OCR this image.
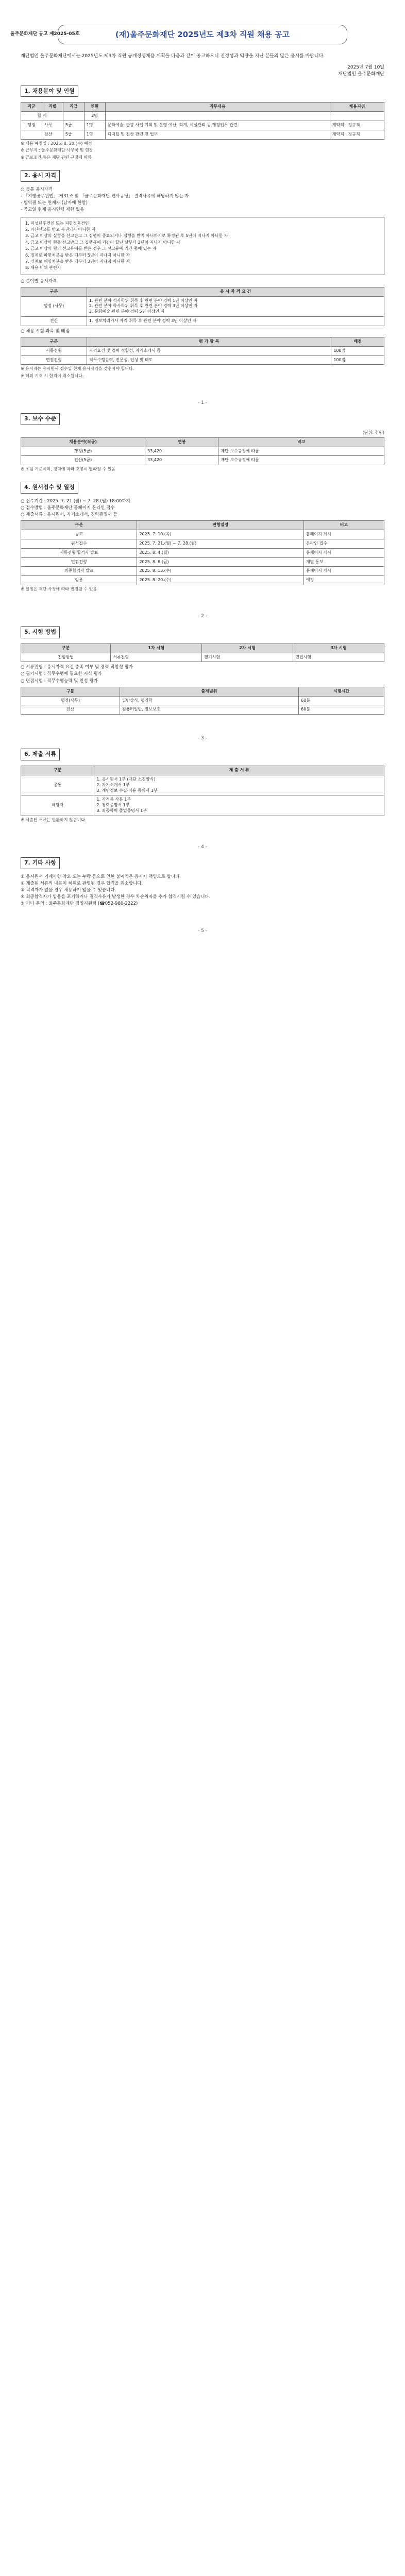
울주문화재단 공고 제2025-05호	(재)울주문화재단 2025년도 제3차 직원 채용 공고
재단법인 울주문화재단에서는 2025년도 제3차 직원 공개경쟁채용 계획을 다음과 같이 공고하오니 진정성과 역량을 지닌 분들의 많은 응시를 바랍니다.
2025년 7월 10일
재단법인 울주문화재단
1. 채용분야 및 인원
직군	직렬	직급	인원	직무내용	채용지위
합 계			2명		
행정	사무	5급	1명	문화예술, 관광 사업 기획 및 운영 예산, 회계, 시설관리 등 행정업무 관련	계약직 · 정규직
	전산	5급	1명	디지털 및 전산 관련 전 업무	계약직 · 정규직
※ 채용 예정일 : 2025. 8. 20.(수) 예정
※ 근무지 : 울주문화재단 사무국 및 현장
※ 근로조건 등은 재단 관련 규정에 따름
2. 응시 자격
○ 공통 응시자격
- 「지방공무원법」 제31조 및 「울주문화재단 인사규정」 결격사유에 해당하지 않는 자
- 병역필 또는 면제자 (남자에 한함)
- 공고일 현재 응시연령 제한 없음
1. 피성년후견인 또는 피한정후견인
2. 파산선고를 받고 복권되지 아니한 자
3. 금고 이상의 실형을 선고받고 그 집행이 종료되거나 집행을 받지 아니하기로 확정된 후 5년이 지나지 아니한 자
4. 금고 이상의 형을 선고받고 그 집행유예 기간이 끝난 날부터 2년이 지나지 아니한 자
5. 금고 이상의 형의 선고유예를 받은 경우 그 선고유예 기간 중에 있는 자
6. 징계로 파면처분을 받은 때부터 5년이 지나지 아니한 자
7. 징계로 해임처분을 받은 때부터 3년이 지나지 아니한 자
8. 채용 비위 관련자
○ 분야별 응시자격
구분	응 시 자 격 요 건
행정 (사무)	1. 관련 분야 석사학위 취득 후 관련 분야 경력 1년 이상인 자
2. 관련 분야 학사학위 취득 후 관련 분야 경력 3년 이상인 자
3. 문화예술 관련 분야 경력 5년 이상인 자
전산	1. 정보처리기사 자격 취득 후 관련 분야 경력 3년 이상인 자
○ 채용 시험 과목 및 배점
구분	평 가 항 목	배점
서류전형	자격요건 및 경력 적합성, 자기소개서 등	100점
면접전형	직무수행능력, 전문성, 인성 및 태도	100점
※ 응시자는 응시원서 접수일 현재 응시자격을 갖추어야 합니다.
※ 허위 기재 시 합격이 취소됩니다.
- 1 -
3. 보수 수준
(단위: 천원)
채용분야(직급)	연봉	비고
행정(5급)	33,420	재단 보수규정에 따름
전산(5급)	33,420	재단 보수규정에 따름
※ 초임 기준이며, 경력에 따라 호봉이 달라질 수 있음
4. 원서접수 및 일정
○ 접수기간 : 2025. 7. 21.(월) ~ 7. 28.(월) 18:00까지
○ 접수방법 : 울주문화재단 홈페이지 온라인 접수
○ 제출서류 : 응시원서, 자기소개서, 경력증명서 등
구분	전형일정	비고
공고	2025. 7. 10.(목)	홈페이지 게시
원서접수	2025. 7. 21.(월) ~ 7. 28.(월)	온라인 접수
서류전형 합격자 발표	2025. 8. 4.(월)	홈페이지 게시
면접전형	2025. 8. 8.(금)	개별 통보
최종합격자 발표	2025. 8. 13.(수)	홈페이지 게시
임용	2025. 8. 20.(수)	예정
※ 일정은 재단 사정에 따라 변경될 수 있음
- 2 -
5. 시험 방법
구분	1차 시험	2차 시험	3차 시험
전형방법	서류전형	필기시험	면접시험
○ 서류전형 : 응시자격 요건 충족 여부 및 경력 적합성 평가
○ 필기시험 : 직무수행에 필요한 지식 평가
○ 면접시험 : 직무수행능력 및 인성 평가
구분	출제범위	시험시간
행정(사무)	일반상식, 행정학	60분
전산	컴퓨터일반, 정보보호	60분
- 3 -
6. 제출 서류
구분	제 출 서 류
공통	1. 응시원서 1부 (재단 소정양식)
2. 자기소개서 1부
3. 개인정보 수집·이용 동의서 1부
해당자	1. 자격증 사본 1부
2. 경력증명서 1부
3. 최종학력 졸업증명서 1부
※ 제출된 서류는 반환하지 않습니다.
- 4 -
7. 기타 사항
① 응시원서 기재사항 착오 또는 누락 등으로 인한 불이익은 응시자 책임으로 합니다.
② 제출된 서류의 내용이 허위로 판명된 경우 합격을 취소합니다.
③ 적격자가 없을 경우 채용하지 않을 수 있습니다.
④ 최종합격자가 임용을 포기하거나 결격사유가 발생한 경우 차순위자를 추가 합격시킬 수 있습니다.
⑤ 기타 문의 : 울주문화재단 경영지원팀 (☎052-980-2222)
- 5 -
